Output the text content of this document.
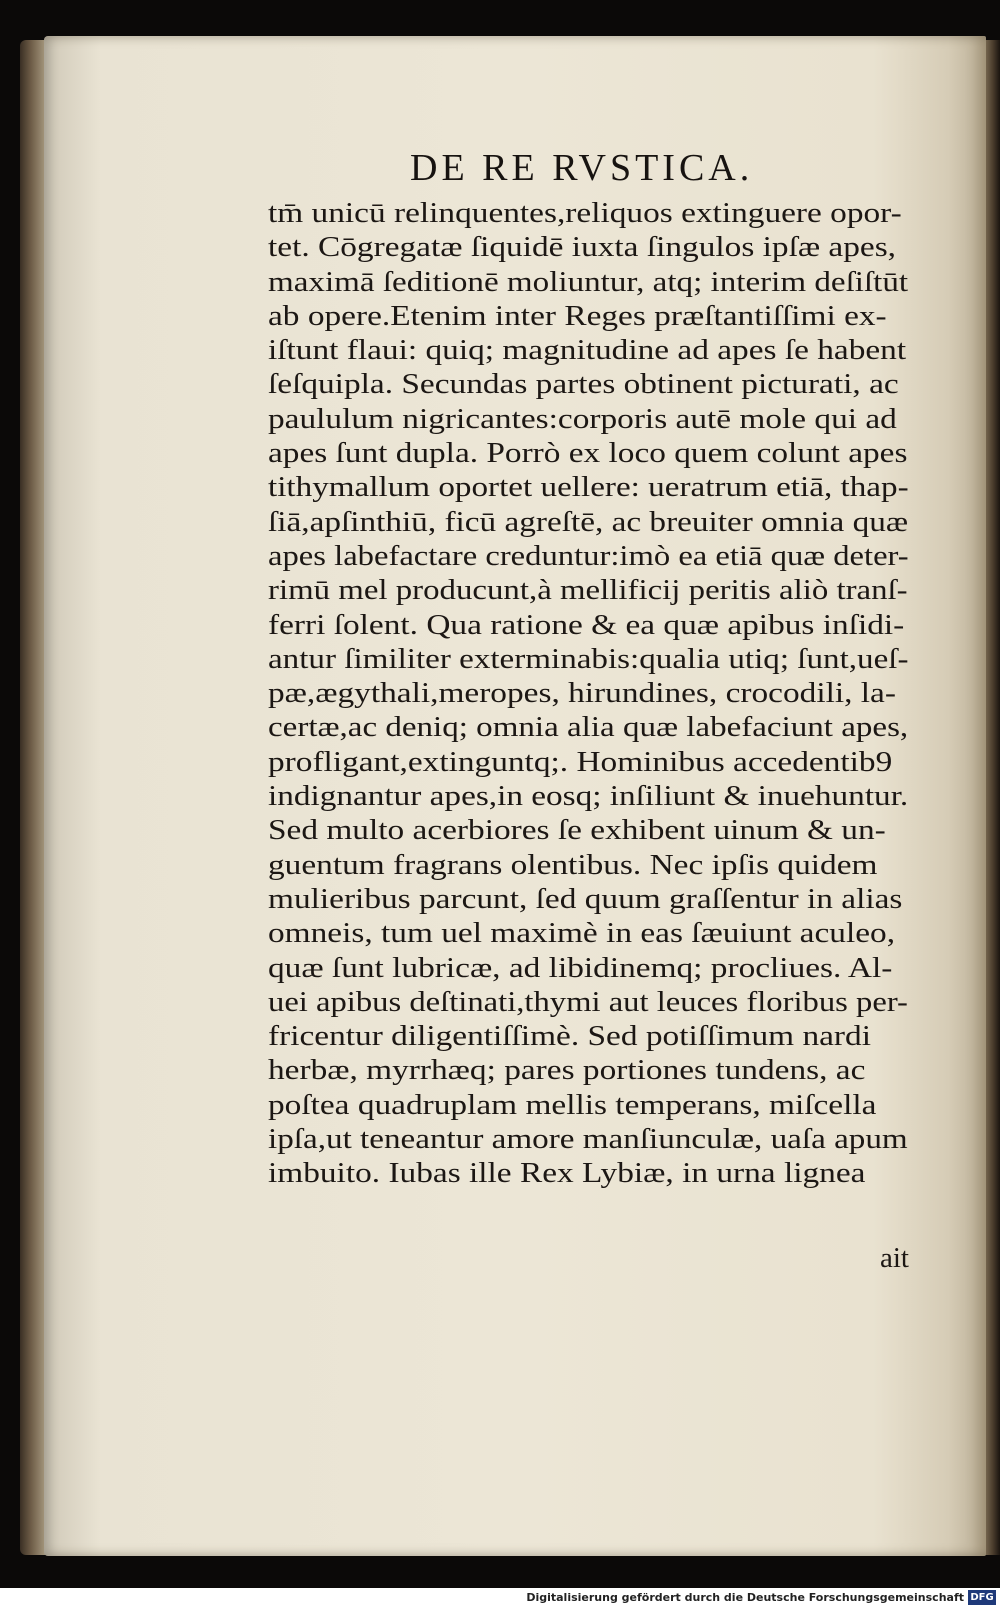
DE RE RVSTICA.
tm̄ unicū relinquentes,reliquos extinguere opor-
tet. Cōgregatæ ſiquidē iuxta ſingulos ipſæ apes,
maximā ſeditionē moliuntur, atq; interim deſiſtūt
ab opere.Etenim inter Reges præſtantiſſimi ex-
iſtunt flaui: quiq; magnitudine ad apes ſe habent
ſeſquipla. Secundas partes obtinent picturati, ac
paululum nigricantes:corporis autē mole qui ad
apes ſunt dupla. Porrò ex loco quem colunt apes
tithymallum oportet uellere: ueratrum etiā, thap-
ſiā,apſinthiū, ficū agreſtē, ac breuiter omnia quæ
apes labefactare creduntur:imò ea etiā quæ deter-
rimū mel producunt,à mellificij peritis aliò tranſ-
ferri ſolent. Qua ratione & ea quæ apibus inſidi-
antur ſimiliter exterminabis:qualia utiq; ſunt,ueſ-
pæ,ægythali,meropes, hirundines, crocodili, la-
certæ,ac deniq; omnia alia quæ labefaciunt apes,
profligant,extinguntq;. Hominibus accedentib9
indignantur apes,in eosq; inſiliunt & inuehuntur.
Sed multo acerbiores ſe exhibent uinum & un-
guentum fragrans olentibus. Nec ipſis quidem
mulieribus parcunt, ſed quum graſſentur in alias
omneis, tum uel maximè in eas ſæuiunt aculeo,
quæ ſunt lubricæ, ad libidinemq; procliues. Al-
uei apibus deſtinati,thymi aut leuces floribus per-
fricentur diligentiſſimè. Sed potiſſimum nardi
herbæ, myrrhæq; pares portiones tundens, ac
poſtea quadruplam mellis temperans, miſcella
ipſa,ut teneantur amore manſiunculæ, uaſa apum
imbuito. Iubas ille Rex Lybiæ, in urna lignea
ait
Digitalisierung gefördert durch die Deutsche Forschungsgemeinschaft DFG
